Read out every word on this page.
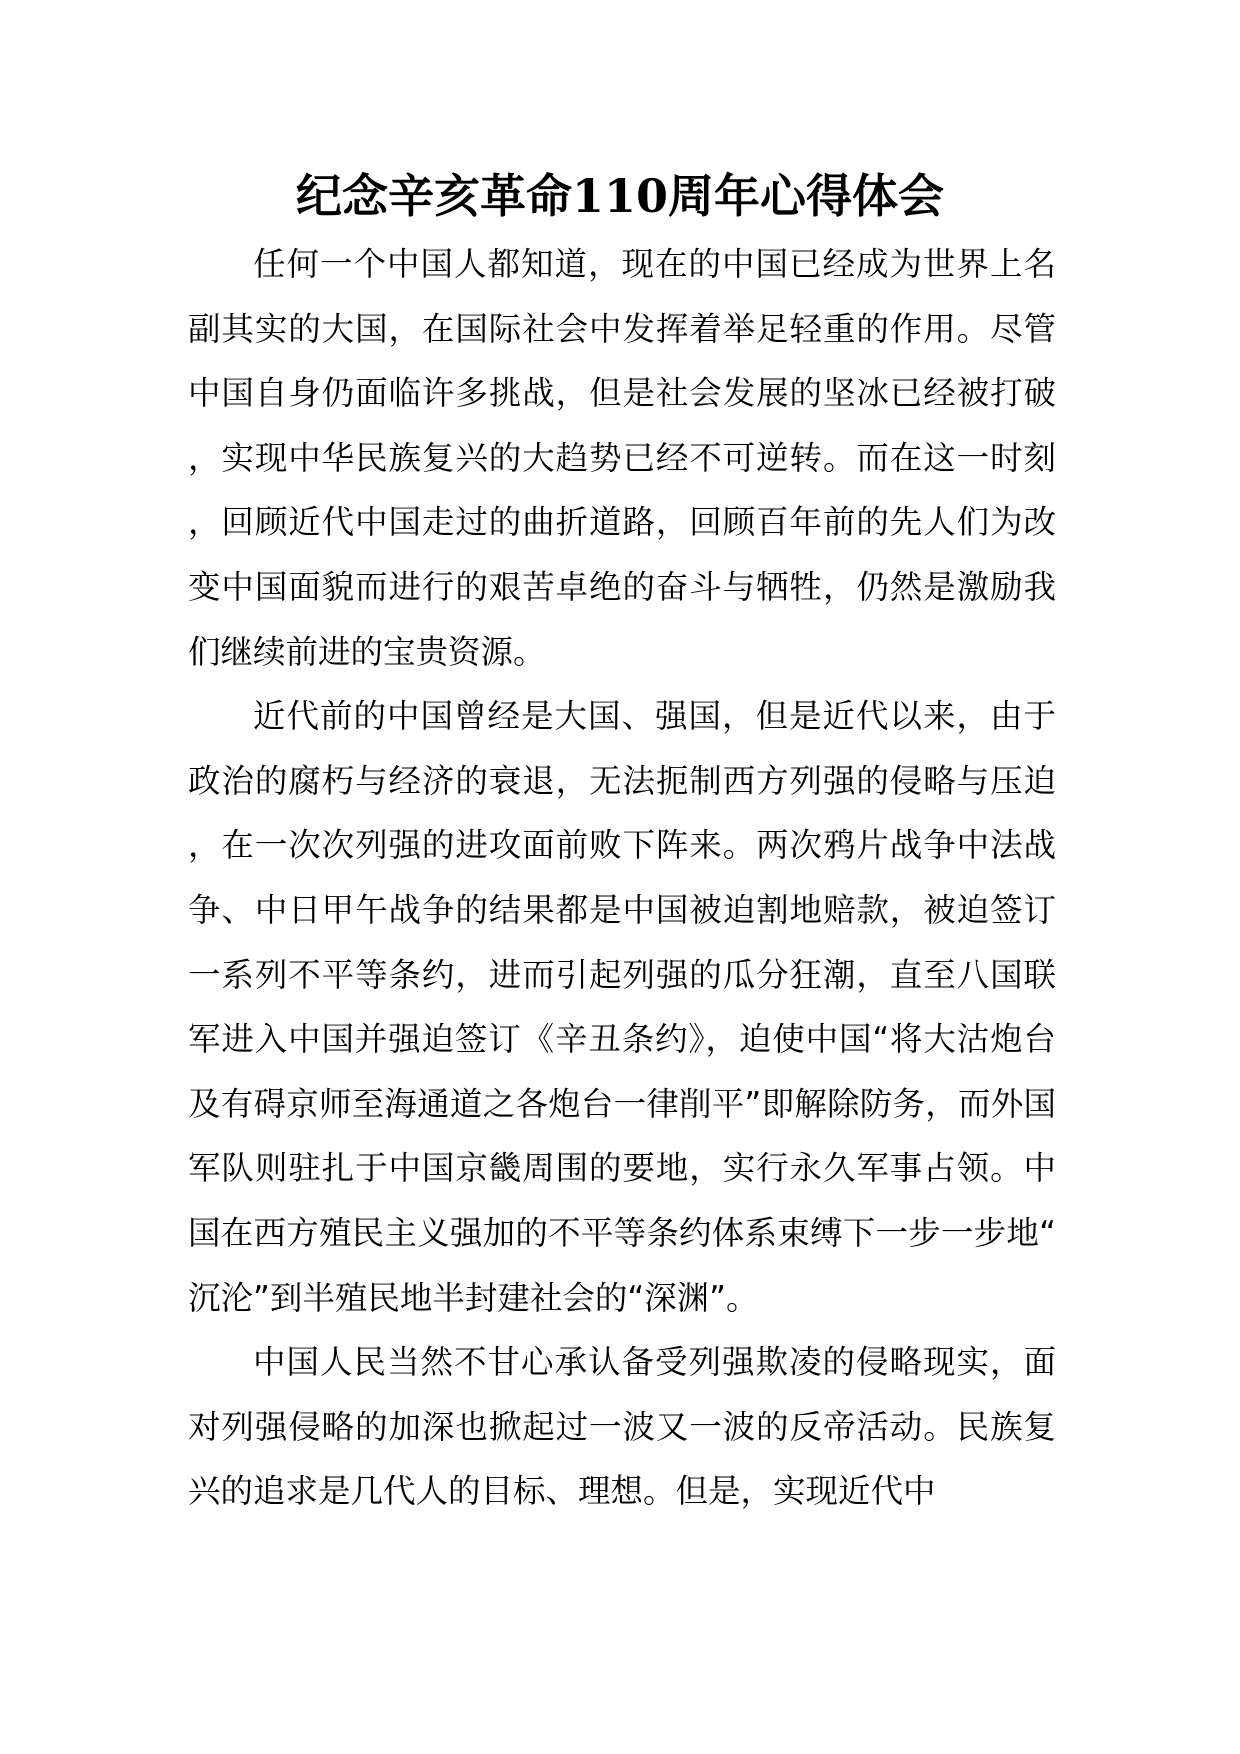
纪念辛亥革命110周年心得体会

任何一个中国人都知道，现在的中国已经成为世界上名副其实的大国，在国际社会中发挥着举足轻重的作用。尽管中国自身仍面临许多挑战，但是社会发展的坚冰已经被打破，实现中华民族复兴的大趋势已经不可逆转。而在这一时刻，回顾近代中国走过的曲折道路，回顾百年前的先人们为改变中国面貌而进行的艰苦卓绝的奋斗与牺牲，仍然是激励我们继续前进的宝贵资源。

近代前的中国曾经是大国、强国，但是近代以来，由于政治的腐朽与经济的衰退，无法扼制西方列强的侵略与压迫，在一次次列强的进攻面前败下阵来。两次鸦片战争中法战争、中日甲午战争的结果都是中国被迫割地赔款，被迫签订一系列不平等条约，进而引起列强的瓜分狂潮，直至八国联军进入中国并强迫签订《辛丑条约》，迫使中国“将大沽炮台及有碍京师至海通道之各炮台一律削平”即解除防务，而外国军队则驻扎于中国京畿周围的要地，实行永久军事占领。中国在西方殖民主义强加的不平等条约体系束缚下一步一步地“沉沦”到半殖民地半封建社会的“深渊”。

中国人民当然不甘心承认备受列强欺凌的侵略现实，面对列强侵略的加深也掀起过一波又一波的反帝活动。民族复兴的追求是几代人的目标、理想。但是，实现近代中
